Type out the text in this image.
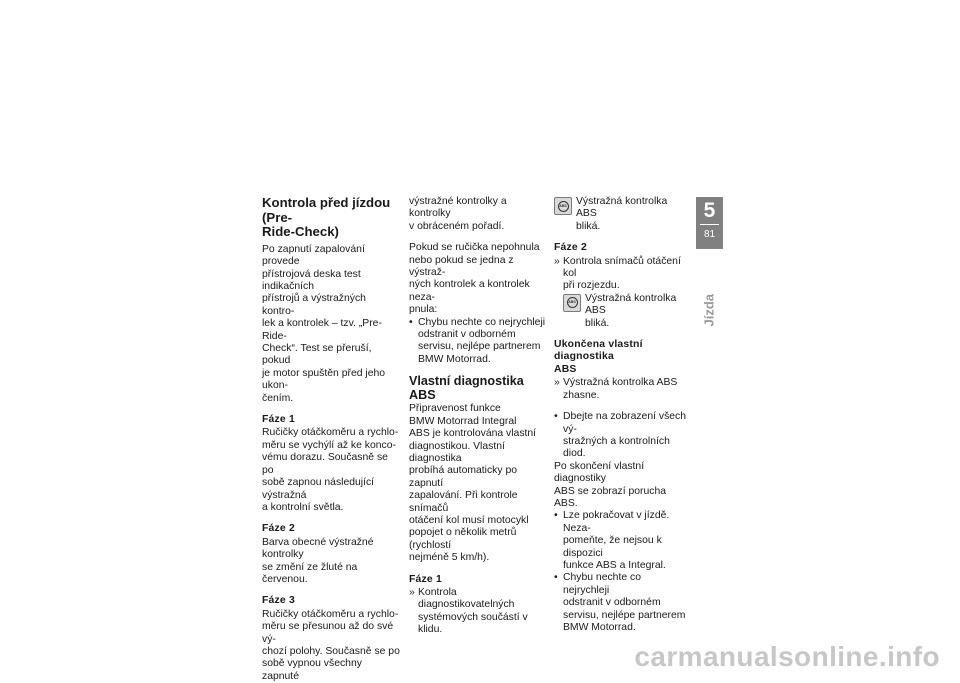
Kontrola před jízdou (Pre-
Ride-Check)

Po zapnutí zapalování provede
přístrojová deska test indikačních
přístrojů a výstražných kontro-
lek a kontrolek – tzv. „Pre-Ride-
Check“. Test se přeruší, pokud
je motor spuštěn před jeho ukon-
čením.

Fáze 1

Ručičky otáčkoměru a rychlo-
měru se vychýlí až ke konco-
vému dorazu. Současně se po
sobě zapnou následující výstražná
a kontrolní světla.

Fáze 2

Barva obecné výstražné kontrolky
se změní ze žluté na červenou.

Fáze 3

Ručičky otáčkoměru a rychlo-
měru se přesunou až do své vý-
chozí polohy. Současně se po
sobě vypnou všechny zapnuté

výstražné kontrolky a kontrolky
v obráceném pořadí.

Pokud se ručička nepohnula
nebo pokud se jedna z výstraž-
ných kontrolek a kontrolek neza-
pnula:

• Chybu nechte co nejrychleji
odstranit v odborném
servisu, nejlépe partnerem
BMW Motorrad.
Vlastní diagnostika ABS

Připravenost funkce
BMW Motorrad Integral
ABS je kontrolována vlastní
diagnostikou. Vlastní diagnostika
probíhá automaticky po zapnutí
zapalování. Při kontrole snímačů
otáčení kol musí motocykl
popojet o několik metrů (rychlostí
nejméně 5 km/h).

Fáze 1
» Kontrola diagnostikovatelných
systémových součástí v klidu.
ABS Výstražná kontrolka ABS
bliká.
Fáze 2
» Kontrola snímačů otáčení kol
při rozjezdu.
ABS Výstražná kontrolka ABS
bliká.
Ukončena vlastní diagnostika
ABS
» Výstražná kontrolka ABS
zhasne.
• Dbejte na zobrazení všech vý-
stražných a kontrolních diod.

Po skončení vlastní diagnostiky
ABS se zobrazí porucha ABS.

• Lze pokračovat v jízdě. Neza-
pomeňte, že nejsou k dispozici
funkce ABS a Integral.
• Chybu nechte co nejrychleji
odstranit v odborném
servisu, nejlépe partnerem
BMW Motorrad.
5
81
Jízda
carmanualsonline.info
